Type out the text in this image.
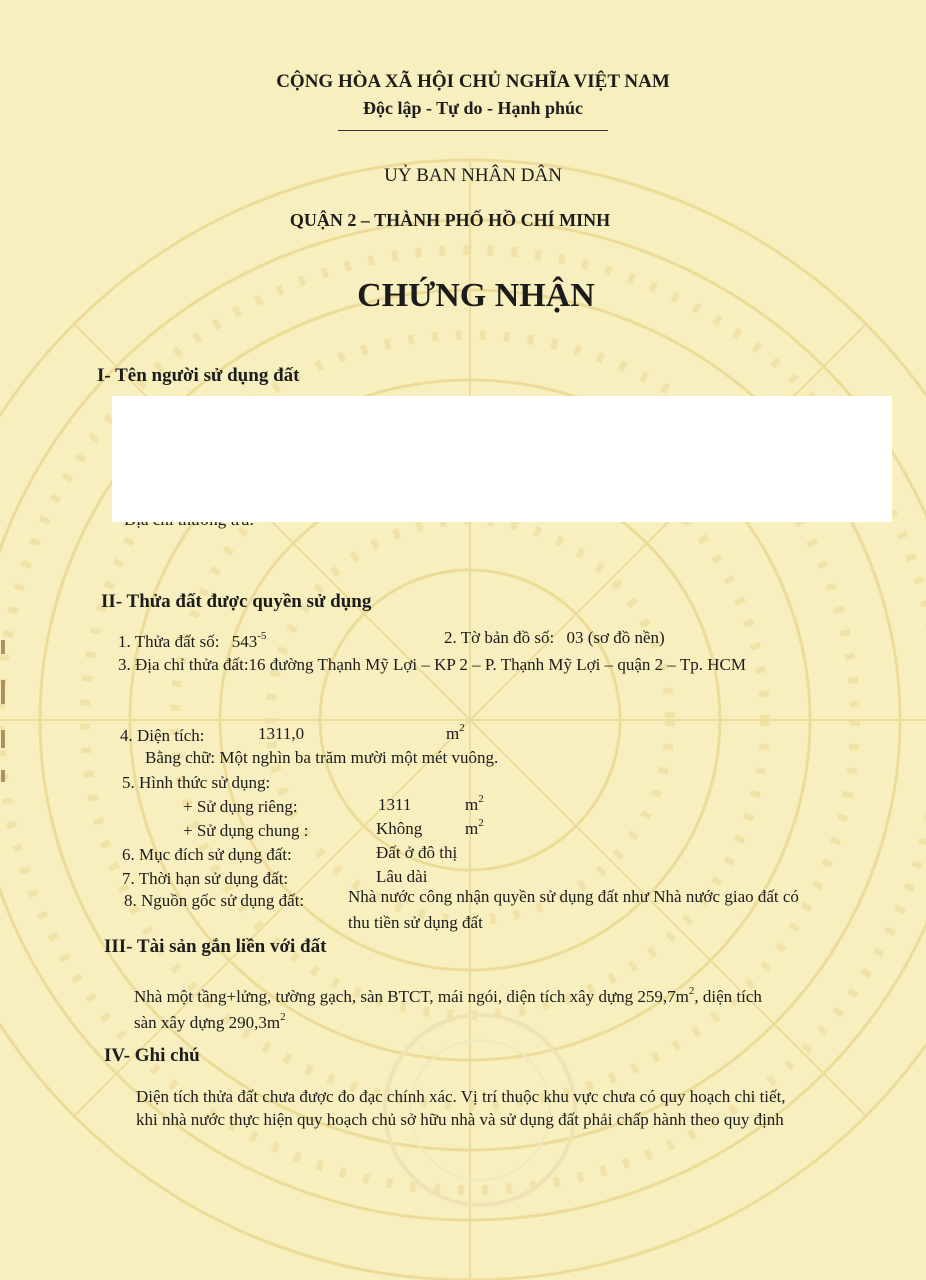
CỘNG HÒA XÃ HỘI CHỦ NGHĨA VIỆT NAM
Độc lập - Tự do - Hạnh phúc
UỶ BAN NHÂN DÂN
QUẬN 2 – THÀNH PHỐ HỒ CHÍ MINH
CHỨNG NHẬN
I- Tên người sử dụng đất
II- Thửa đất được quyền sử dụng
1. Thửa đất số: $543^{-5}$	2. Tờ bản đồ số: 03 (sơ đồ nền)
3. Địa chỉ thửa đất:16 đường Thạnh Mỹ Lợi – KP 2 – P. Thạnh Mỹ Lợi – quận 2 – Tp. HCM
4. Diện tích:	1311,0	$m^2$
Bằng chữ: Một nghìn ba trăm mười một mét vuông.
5. Hình thức sử dụng:
+ Sử dụng riêng:	1311	$m^2$
+ Sử dụng chung :	Không	$m^2$
6. Mục đích sử dụng đất:	Đất ở đô thị
7. Thời hạn sử dụng đất:	Lâu dài
8. Nguồn gốc sử dụng đất:	Nhà nước công nhận quyền sử dụng đất như Nhà nước giao đất có
thu tiền sử dụng đất
III- Tài sản gắn liền với đất
Nhà một tầng+lửng, tường gạch, sàn BTCT, mái ngói, diện tích xây dựng $259,7m^2$, diện tích
sàn xây dựng $290,3m^2$
IV- Ghi chú
Diện tích thửa đất chưa được đo đạc chính xác. Vị trí thuộc khu vực chưa có quy hoạch chi tiết,
khi nhà nước thực hiện quy hoạch chủ sở hữu nhà và sử dụng đất phải chấp hành theo quy định
